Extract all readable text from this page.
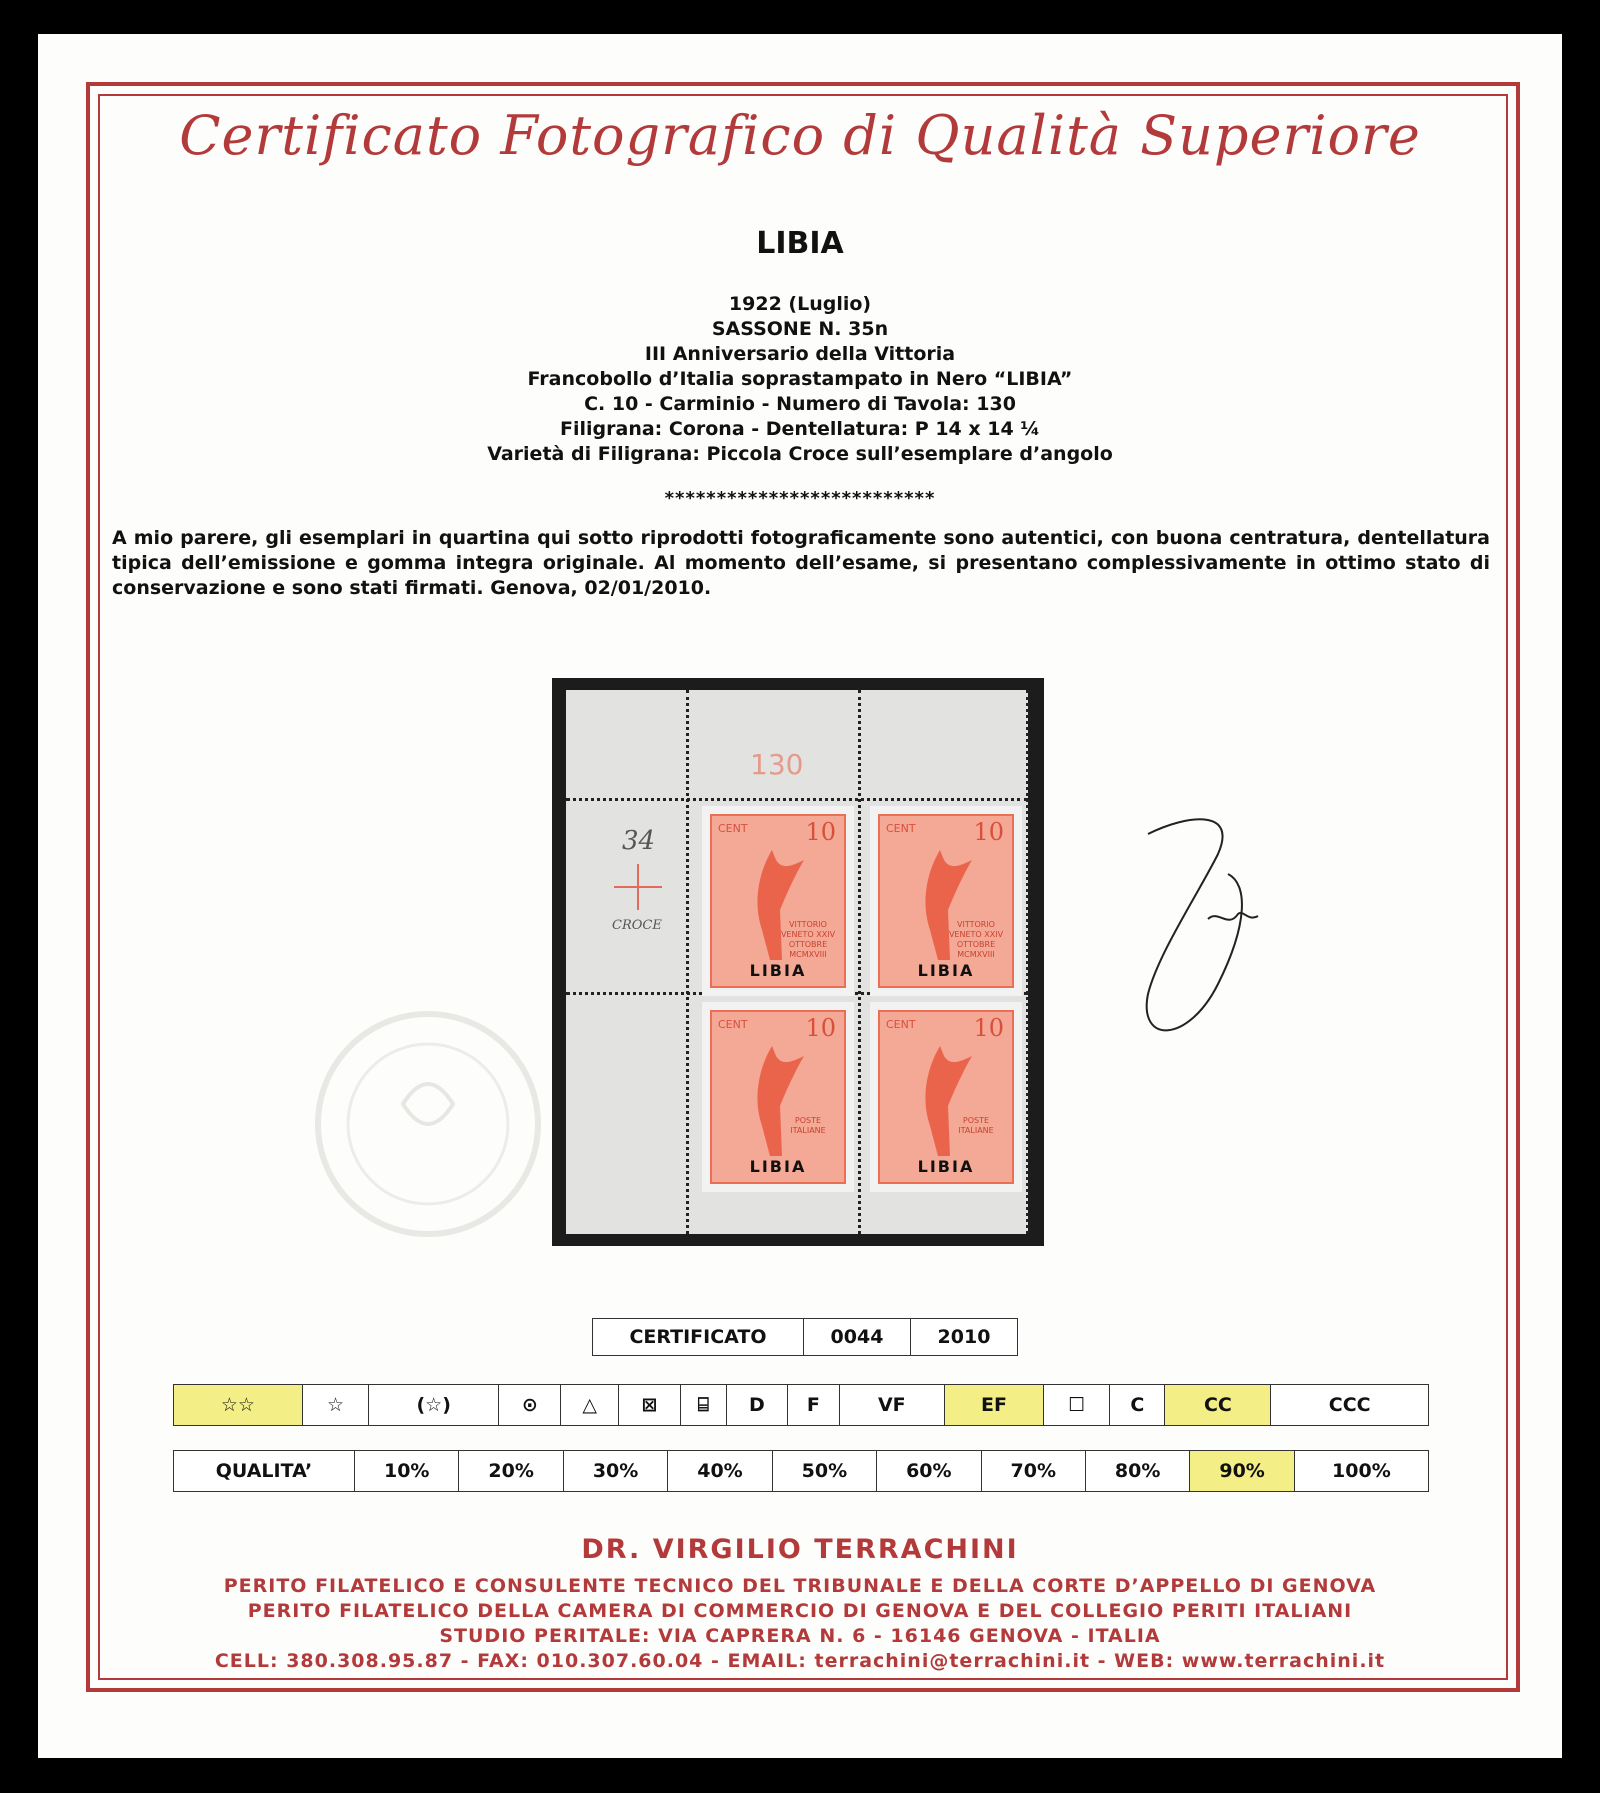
Certificato Fotografico di Qualità Superiore
LIBIA
1922 (Luglio)
SASSONE N. 35n
III Anniversario della Vittoria
Francobollo d’Italia soprastampato in Nero “LIBIA”
C. 10 - Carminio - Numero di Tavola: 130
Filigrana: Corona - Dentellatura: P 14 x 14 ¼
Varietà di Filigrana: Piccola Croce sull’esemplare d’angolo
**************************
A mio parere, gli esemplari in quartina qui sotto riprodotti fotograficamente sono autentici, con buona centratura, dentellatura tipica dell’emissione e gomma integra originale. Al momento dell’esame, si presentano complessivamente in ottimo stato di conservazione e sono stati firmati. Genova, 02/01/2010.
130
34
CROCE
CENT 10
VITTORIO VENETO XXIV OTTOBRE MCMXVIII
LIBIA
CENT 10
VITTORIO VENETO XXIV OTTOBRE MCMXVIII
LIBIA
CENT 10
POSTE ITALIANE
LIBIA
CENT 10
POSTE ITALIANE
LIBIA
CERTIFICATO	0044	2010
☆☆	☆	(☆)	⊙	△	⊠	⌸	D	F	VF	EF	☐	C	CC	CCC
QUALITA’	10%	20%	30%	40%	50%	60%	70%	80%	90%	100%
DR. VIRGILIO TERRACHINI
PERITO FILATELICO E CONSULENTE TECNICO DEL TRIBUNALE E DELLA CORTE D’APPELLO DI GENOVA
PERITO FILATELICO DELLA CAMERA DI COMMERCIO DI GENOVA E DEL COLLEGIO PERITI ITALIANI
STUDIO PERITALE: VIA CAPRERA N. 6 - 16146 GENOVA - ITALIA
CELL: 380.308.95.87 - FAX: 010.307.60.04 - EMAIL: terrachini@terrachini.it - WEB: www.terrachini.it
